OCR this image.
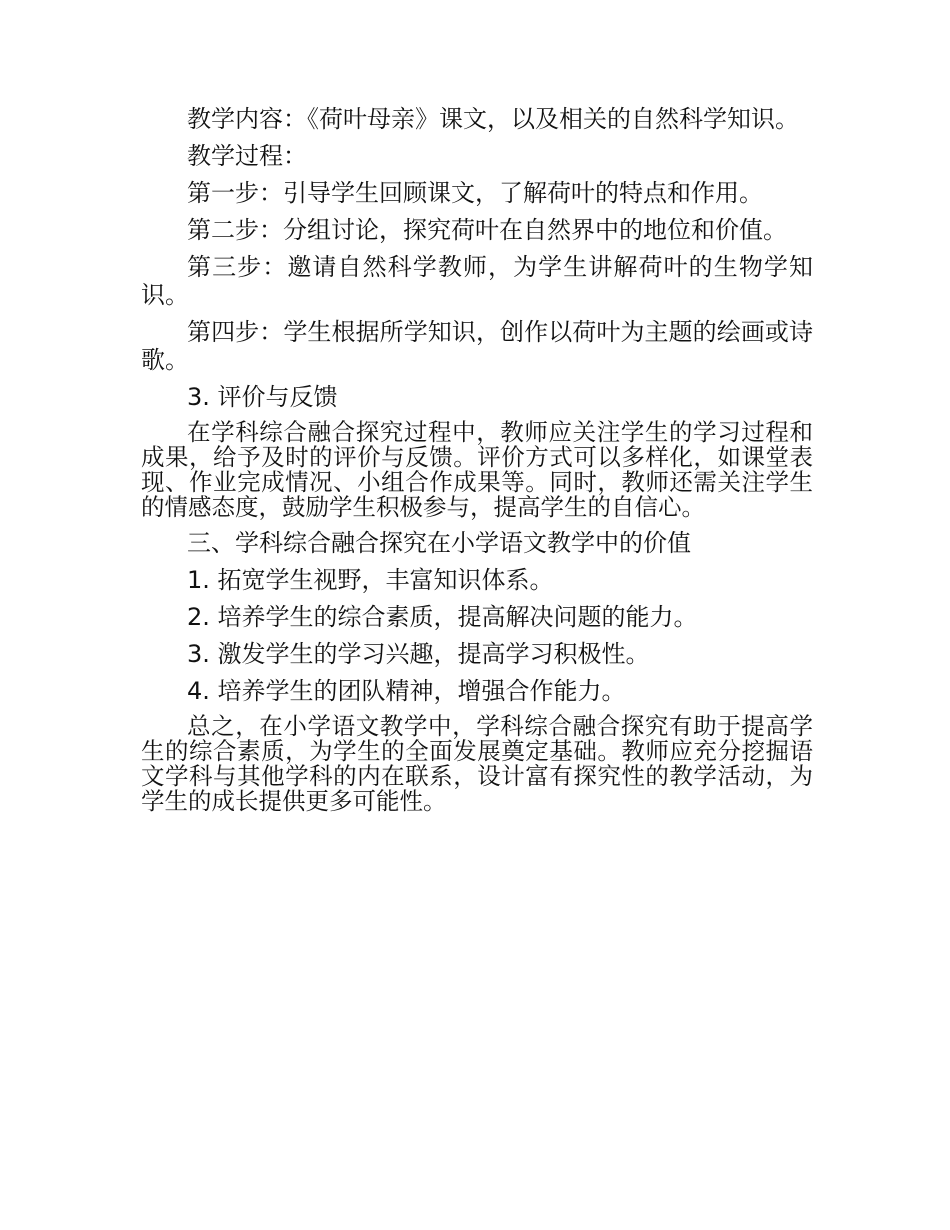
教学内容：《荷叶母亲》课文，以及相关的自然科学知识。

教学过程：

第一步：引导学生回顾课文，了解荷叶的特点和作用。

第二步：分组讨论，探究荷叶在自然界中的地位和价值。

第三步：邀请自然科学教师，为学生讲解荷叶的生物学知识。

第四步：学生根据所学知识，创作以荷叶为主题的绘画或诗歌。

3. 评价与反馈

在学科综合融合探究过程中，教师应关注学生的学习过程和成果，给予及时的评价与反馈。评价方式可以多样化，如课堂表现、作业完成情况、小组合作成果等。同时，教师还需关注学生的情感态度，鼓励学生积极参与，提高学生的自信心。

三、学科综合融合探究在小学语文教学中的价值

1. 拓宽学生视野，丰富知识体系。

2. 培养学生的综合素质，提高解决问题的能力。

3. 激发学生的学习兴趣，提高学习积极性。

4. 培养学生的团队精神，增强合作能力。

总之，在小学语文教学中，学科综合融合探究有助于提高学生的综合素质，为学生的全面发展奠定基础。教师应充分挖掘语文学科与其他学科的内在联系，设计富有探究性的教学活动，为学生的成长提供更多可能性。
